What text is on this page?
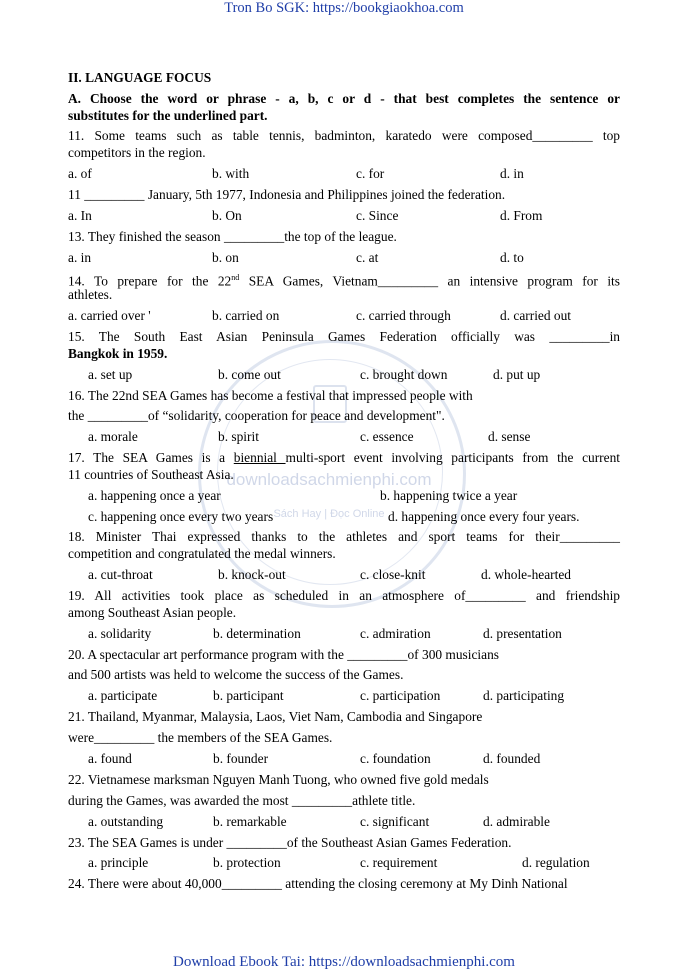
Tron Bo SGK: https://bookgiaokhoa.com
downloadsachmienphi.com
Sách Hay | Đọc Online
II. LANGUAGE FOCUS
A. Choose the word or phrase - a, b, c or d - that best completes the sentence or
substitutes for the underlined part.
11. Some teams such as table tennis, badminton, karatedo were composed_________ top
competitors in the region.
a. of	b. with	c. for	d. in
11 _________ January, 5th 1977, Indonesia and Philippines joined the federation.
a. In	b. On	c. Since	d. From
13. They finished the season _________the top of the league.
a. in	b. on	c. at	d. to
14. To prepare for the 22nd SEA Games, Vietnam_________ an intensive program for its
athletes.
a. carried over '	b. carried on	c. carried through	d. carried out
15. The South East Asian Peninsula Games Federation officially was _________in
Bangkok in 1959.
a. set up	b. come out	c. brought down	d. put up
16. The 22nd SEA Games has become a festival that impressed people with
the _________of “solidarity, cooperation for peace and development".
a. morale	b. spirit	c. essence	d. sense
17. The SEA Games is a biennial multi-sport event involving participants from the current
11 countries of Southeast Asia.
a. happening once a year	b. happening twice a year
c. happening once every two years	d. happening once every four years.
18. Minister Thai expressed thanks to the athletes and sport teams for their_________
competition and congratulated the medal winners.
a. cut-throat	b. knock-out	c. close-knit	d. whole-hearted
19. All activities took place as scheduled in an atmosphere of_________ and friendship
among Southeast Asian people.
a. solidarity	b. determination	c. admiration	d. presentation
20. A spectacular art performance program with the _________of 300 musicians
and 500 artists was held to welcome the success of the Games.
a. participate	b. participant	c. participation	d. participating
21. Thailand, Myanmar, Malaysia, Laos, Viet Nam, Cambodia and Singapore
were_________ the members of the SEA Games.
a. found	b. founder	c. foundation	d. founded
22. Vietnamese marksman Nguyen Manh Tuong, who owned five gold medals
during the Games, was awarded the most _________athlete title.
a. outstanding	b. remarkable	c. significant	d. admirable
23. The SEA Games is under _________of the Southeast Asian Games Federation.
a. principle	b. protection	c. requirement	d. regulation
24. There were about 40,000_________ attending the closing ceremony at My Dinh National
Download Ebook Tai: https://downloadsachmienphi.com
